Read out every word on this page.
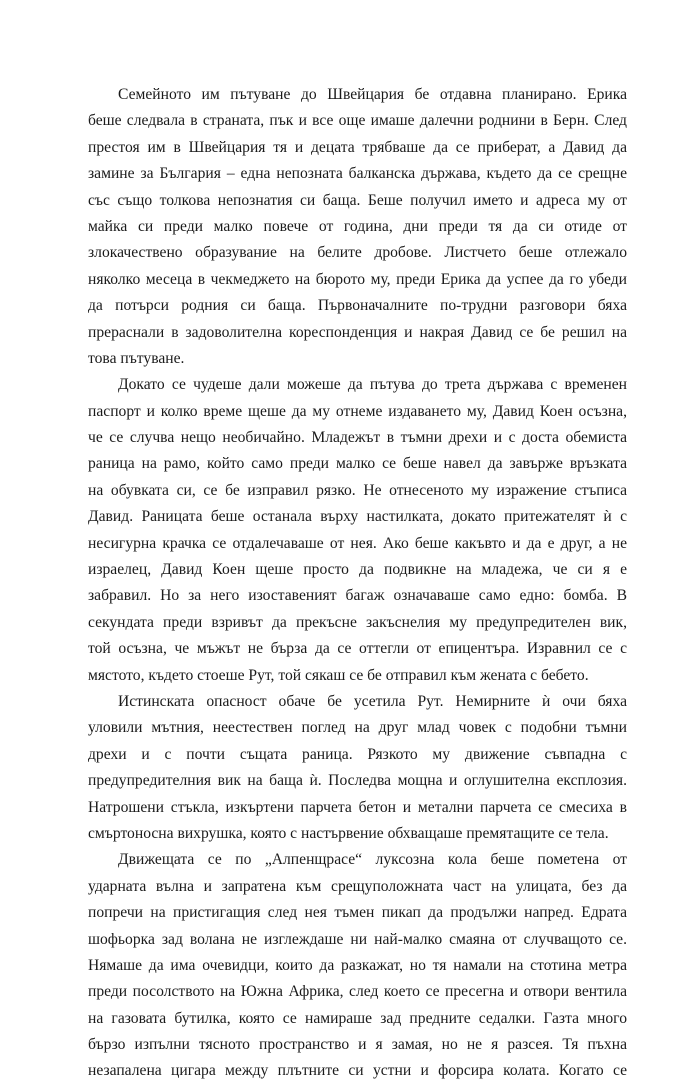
Семейното им пътуване до Швейцария бе отдавна планирано. Ерика
беше следвала в страната, пък и все още имаше далечни роднини в Берн. След
престоя им в Швейцария тя и децата трябваше да се приберат, а Давид да
замине за България – една непозната балканска държава, където да се срещне
със също толкова непознатия си баща. Беше получил името и адреса му от
майка си преди малко повече от година, дни преди тя да си отиде от
злокачествено образувание на белите дробове. Листчето беше отлежало
няколко месеца в чекмеджето на бюрото му, преди Ерика да успее да го убеди
да потърси родния си баща. Първоначалните по-трудни разговори бяха
прераснали в задоволителна кореспонденция и накрая Давид се бе решил на
това пътуване.
Докато се чудеше дали можеше да пътува до трета държава с временен
паспорт и колко време щеше да му отнеме издаването му, Давид Коен осъзна,
че се случва нещо необичайно. Младежът в тъмни дрехи и с доста обемиста
раница на рамо, който само преди малко се беше навел да завърже връзката
на обувката си, се бе изправил рязко. Не отнесеното му изражение стъписа
Давид. Раницата беше останала върху настилката, докато притежателят ѝ с
несигурна крачка се отдалечаваше от нея. Ако беше какъвто и да е друг, а не
израелец, Давид Коен щеше просто да подвикне на младежа, че си я е
забравил. Но за него изоставеният багаж означаваше само едно: бомба. В
секундата преди взривът да прекъсне закъснелия му предупредителен вик,
той осъзна, че мъжът не бърза да се оттегли от епицентъра. Изравнил се с
мястото, където стоеше Рут, той сякаш се бе отправил към жената с бебето.
Истинската опасност обаче бе усетила Рут. Немирните ѝ очи бяха
уловили мътния, неестествен поглед на друг млад човек с подобни тъмни
дрехи и с почти същата раница. Рязкото му движение съвпадна с
предупредителния вик на баща ѝ. Последва мощна и оглушителна експлозия.
Натрошени стъкла, изкъртени парчета бетон и метални парчета се смесиха в
смъртоносна вихрушка, която с настървение обхващаше премятащите се тела.
Движещата се по „Алпенщрасе“ луксозна кола беше пометена от
ударната вълна и запратена към срещуположната част на улицата, без да
попречи на пристигащия след нея тъмен пикап да продължи напред. Едрата
шофьорка зад волана не изглеждаше ни най-малко смаяна от случващото се.
Нямаше да има очевидци, които да разкажат, но тя намали на стотина метра
преди посолството на Южна Африка, след което се пресегна и отвори вентила
на газовата бутилка, която се намираше зад предните седалки. Газта много
бързо изпълни тясното пространство и я замая, но не я разсея. Тя пъхна
незапалена цигара между плътните си устни и форсира колата. Когато се
